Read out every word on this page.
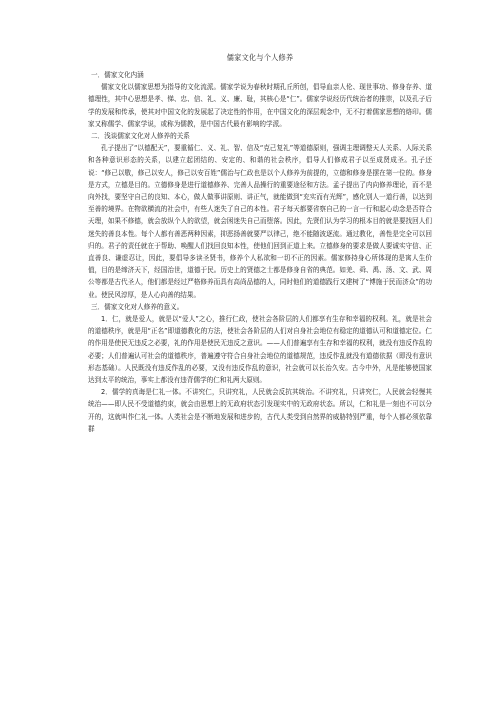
儒家文化与个人修养
一．儒家文化内涵
儒家文化以儒家思想为指导的文化流派。儒家学说为春秋时期孔丘所创，倡导血亲人伦、现世事功、修身存养、道德理性，其中心思想是孝、悌、忠、信、礼、义、廉、耻，其核心是“仁”。儒家学说经历代统治者的推崇，以及孔子后学的发展和传承，使其对中国文化的发展起了决定性的作用，在中国文化的深层观念中，无不打着儒家思想的烙印。儒家又称儒学、儒家学说，或称为儒教，是中国古代最有影响的学派。
二．浅谈儒家文化对人修养的关系
孔子提出了“以德配天”，要重循仁、义、礼、智、信及“克己复礼”等道德原则，强调主理调整天人关系、人际关系和各种意识形态的关系，以建立起团结的、安定的、和谐的社会秩序，倡导人们修成君子以至成贤成圣。孔子还说：“修己以敬，修己以安人，修己以安百姓”儒治与仁政也是以个人修养为前提的，立德和修身是摆在第一位的。修身是方式，立德是目的。立德修身是进行道德修养、完善人品操行的重要途径和方法。孟子提出了内向修养理论，而不是向外找，要坚守自己的良知、本心，做人做事讲原则、讲正气，就能做到“充实而有光辉”，感化别人一道行善，以达到至善的境界。在物欲横流的社会中，有些人迷失了自己的本性。君子每天都要省察自己的一言一行和起心动念是否符合天理，如果不修德，就会放纵个人的欲望，就会困迷失自己而堕落。因此，先贤们认为学习的根本目的就是要找回人们迷失的善良本性。每个人都有善恶两种因素，抑恶扬善就要严以律己，绝不能随波逐流。通过教化，善性是完全可以回归的。君子的责任就在于帮助、唤醒人们找回良知本性，使他们回到正道上来。立德修身的要求是做人要诚实守信、正直善良、谦虚忍让，因此，要倡导多读圣贤书，修养个人私欲和一切不正的因素。儒家修持身心所体现的是寓人生价值，目的是缔济天下，经国治世，道德于民。历史上的贤德之士都是修身自省的典范。如羌、舜、禹、汤、文、武、周公等都是古代圣人，他们都是经过严格修养而具有高尚品德的人，同时他们的道德践行又建树了“博施于民而济众”的功业。使民风淳厚，是人心向善的结果。
三．儒家文化对人修养的意义。
1．仁，就是爱人，就是以“爱人”之心，推行仁政，使社会各阶层的人们都享有生存和幸福的权利。礼，就是社会的道德秩序，就是用“正名”即道德教化的方法，使社会各阶层的人们对自身社会地位有稳定的道德认可和道德定位。仁的作用是使民无违反之必要，礼的作用是使民无违反之意识。——人们普遍享有生存和幸福的权利，就没有违反作乱的必要；人们普遍认可社会的道德秩序，普遍遵守符合自身社会地位的道德规范，违反作乱就没有道德依据（即没有意识形态基础）。人民既没有违反作乱的必要，又没有违反作乱的意识，社会就可以长治久安。古今中外，凡是能够使国家达到太平的统治，事实上都没有违背儒学的仁和礼两大原则。
2．儒学的真诲是仁礼一体。不讲究仁，只讲究礼，人民就会反抗其统治。不讲究礼，只讲究仁，人民就会轻慢其统治——即人民不受道德约束，就会由思想上的无政府状态引发现实中的无政府状态。所以，仁和礼是一刻也不可以分开的，这就叫作仁礼一体。人类社会是不断地发展和进步的，古代人类受到自然界的威胁特别严重，每个人都必须依靠群
